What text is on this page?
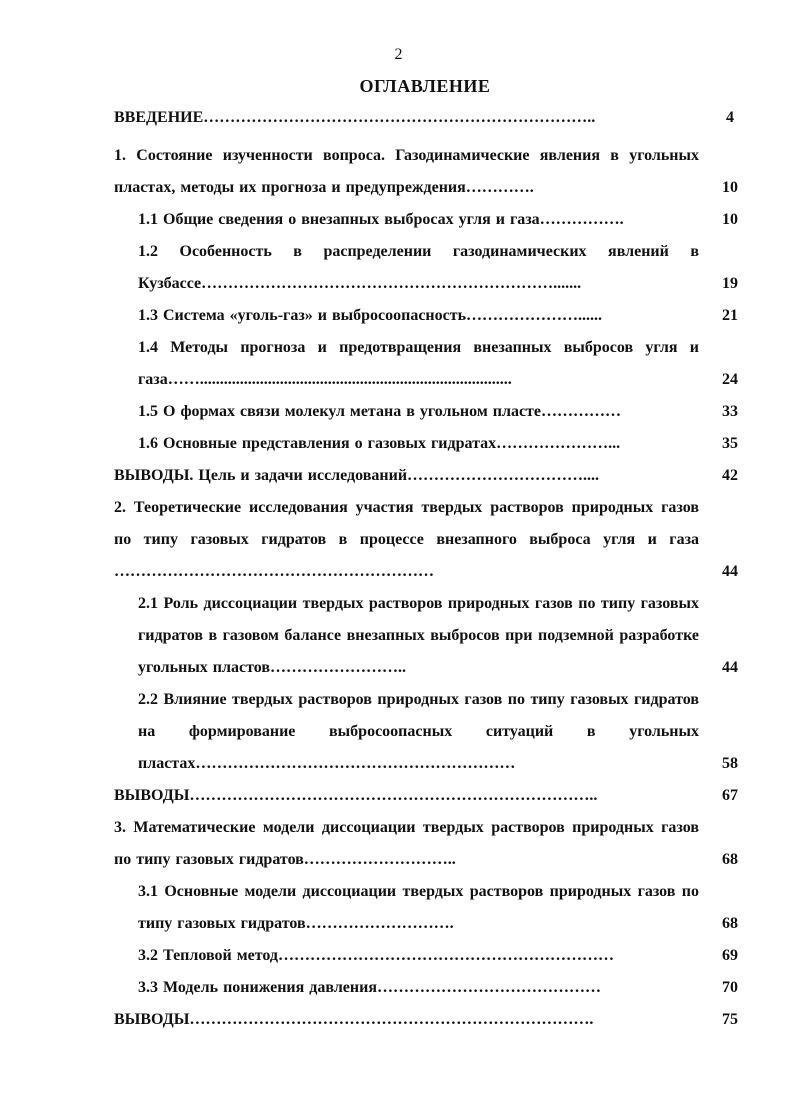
2
ОГЛАВЛЕНИЕ
ВВЕДЕНИЕ………………………………………………………………..	4
1. Состояние изученности вопроса. Газодинамические явления в угольных пластах, методы их прогноза и предупреждения………….	10
1.1 Общие сведения о внезапных выбросах угля и газа…………….	10
1.2 Особенность в распределении газодинамических явлений в Кузбассе………………………………………………………….......	19
1.3 Система «уголь-газ» и выбросоопасность…………………......	21
1.4 Методы прогноза и предотвращения внезапных выбросов угля и газа……..............................................................................	24
1.5 О формах связи молекул метана в угольном пласте……………	33
1.6 Основные представления о газовых гидратах…………………...	35
ВЫВОДЫ. Цель и задачи исследований……………………………....	42
2. Теоретические исследования участия твердых растворов природных газов по типу газовых гидратов в процессе внезапного выброса угля и газа ……………………………………………………	44
2.1 Роль диссоциации твердых растворов природных газов по типу газовых гидратов в газовом балансе внезапных выбросов при подземной разработке угольных пластов……………………..	44
2.2 Влияние твердых растворов природных газов по типу газовых гидратов на формирование выбросоопасных ситуаций в угольных пластах……………………………………………………	58
ВЫВОДЫ…………………………………………………………………..	67
3. Математические модели диссоциации твердых растворов природных газов по типу газовых гидратов………………………..	68
3.1 Основные модели диссоциации твердых растворов природных газов по типу газовых гидратов……………………….	68
3.2 Тепловой метод………………………………………………………	69
3.3 Модель понижения давления……………………………………	70
ВЫВОДЫ………………………………………………………………….	75
